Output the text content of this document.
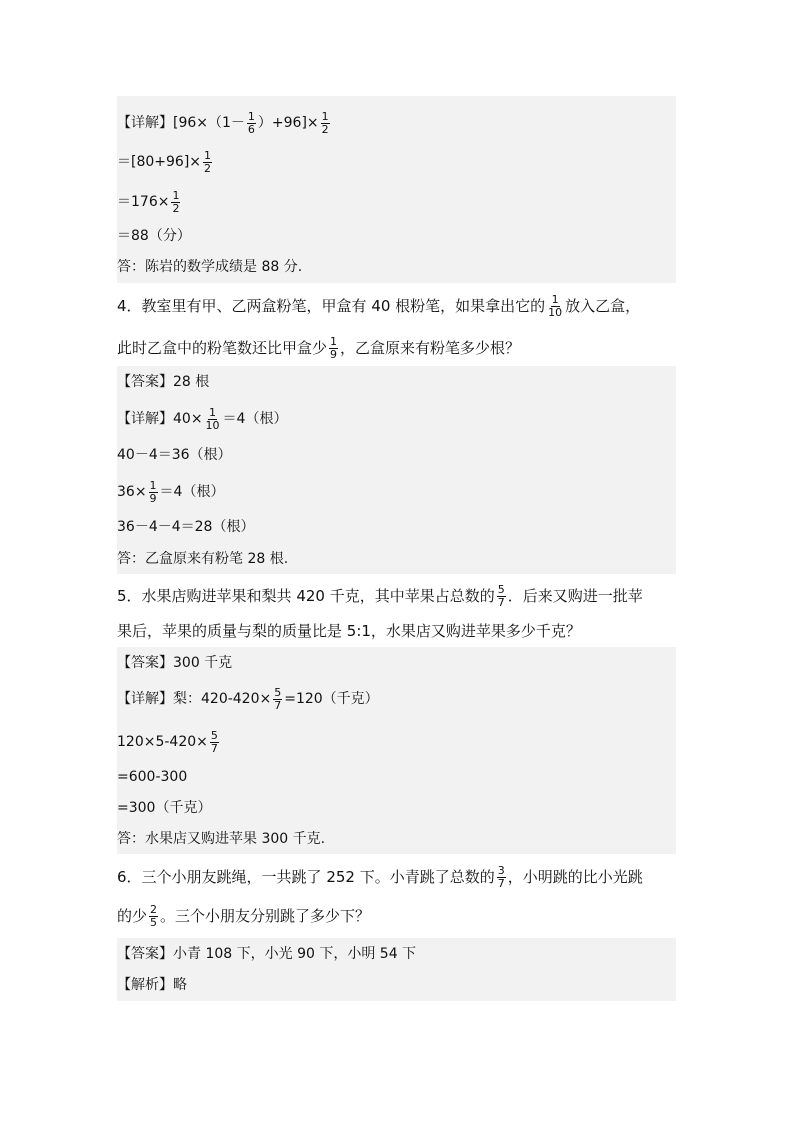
【详解】$[96\times(1- \frac{1}{6} )+96]\times \frac{1}{2}$
$=[80+96]\times \frac{1}{2}$
$=176\times \frac{1}{2}$
＝88（分）
答：陈岩的数学成绩是 88 分.
4．教室里有甲、乙两盒粉笔，甲盒有 40 根粉笔，如果拿出它的 $\frac{1}{10}$ 放入乙盒，
此时乙盒中的粉笔数还比甲盒少 $\frac{1}{9}$ ，乙盒原来有粉笔多少根？
【答案】28 根
【详解】$40\times \frac{1}{10} =4$（根）
40－4＝36（根）
$36\times \frac{1}{9} =4$（根）
36－4－4＝28（根）
答：乙盒原来有粉笔 28 根.
5．水果店购进苹果和梨共 420 千克，其中苹果占总数的 $\frac{5}{7}$ ．后来又购进一批苹
果后，苹果的质量与梨的质量比是 5:1，水果店又购进苹果多少千克？
【答案】300 千克
【详解】梨：$420-420\times \frac{5}{7} =120$（千克）
$120\times 5-420\times \frac{5}{7}$
=600-300
=300（千克）
答：水果店又购进苹果 300 千克.
6．三个小朋友跳绳，一共跳了 252 下。小青跳了总数的 $\frac{3}{7}$ ，小明跳的比小光跳
的少 $\frac{2}{5}$ 。三个小朋友分别跳了多少下？
【答案】小青 108 下，小光 90 下，小明 54 下
【解析】略
